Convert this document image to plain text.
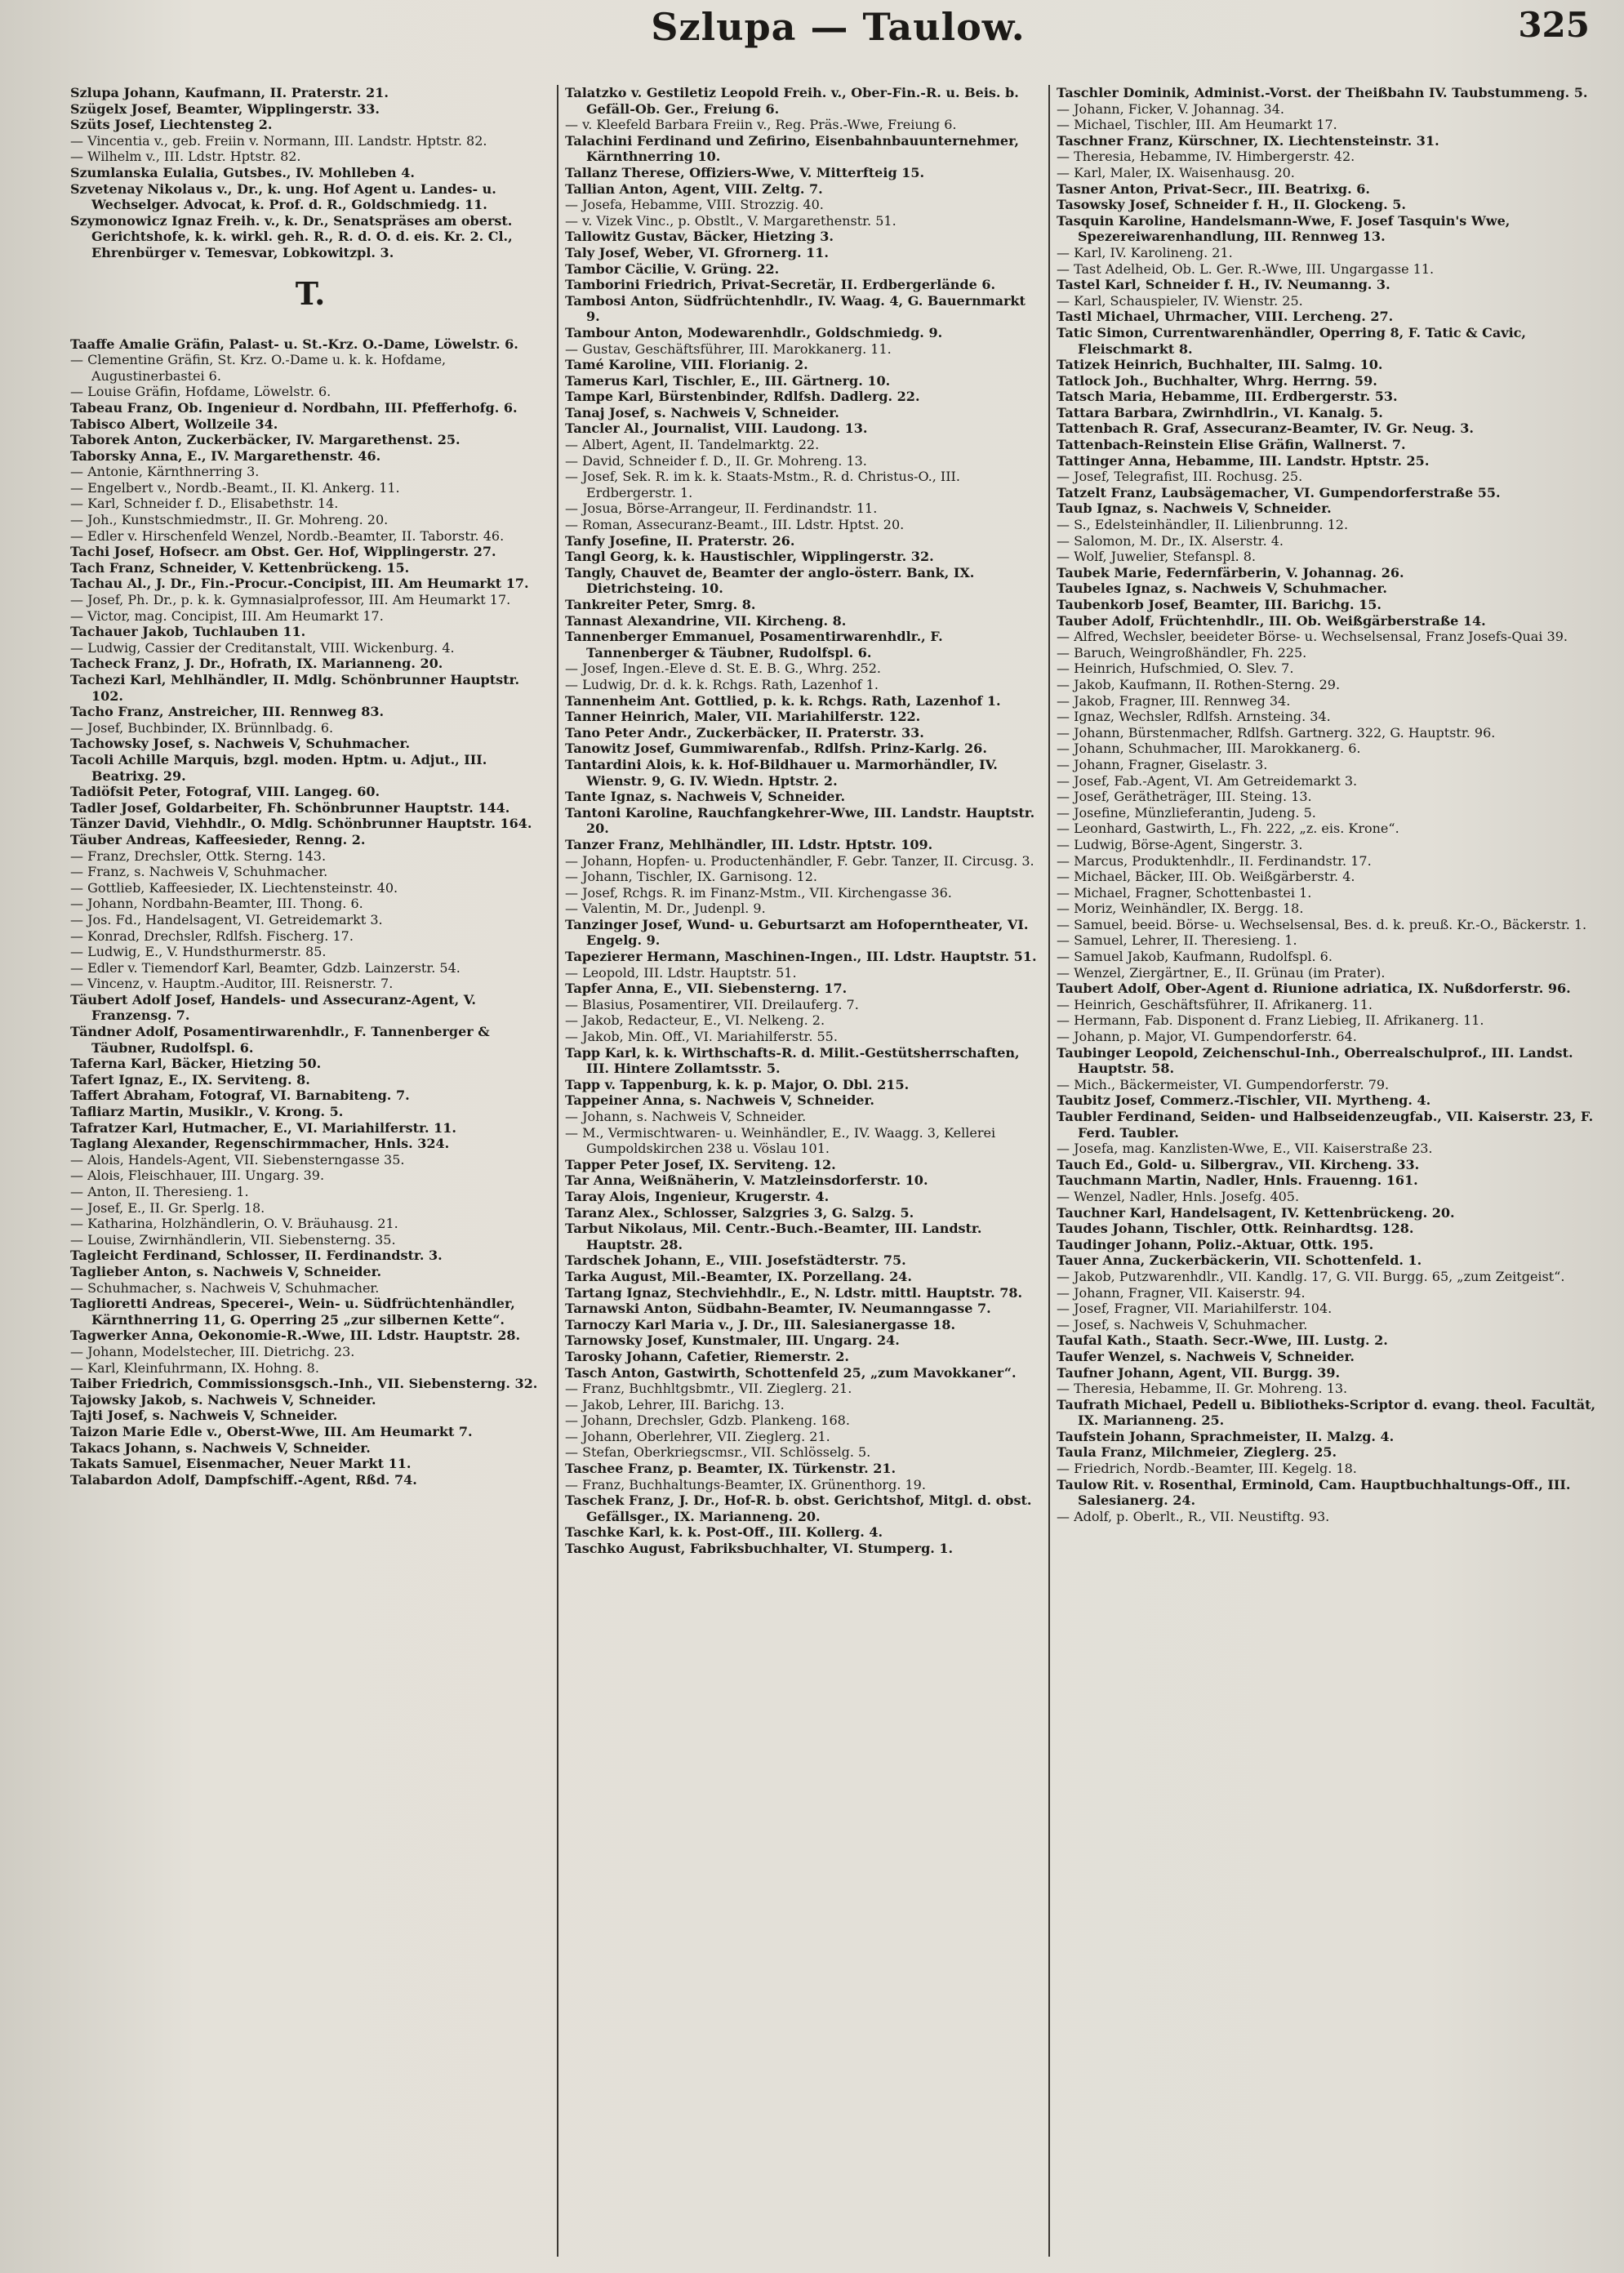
Szlupa — Taulow.	325
Szlupa Johann, Kaufmann, II. Praterstr. 21.
Szügelx Josef, Beamter, Wipplingerstr. 33.
Szüts Josef, Liechtensteg 2.
— Vincentia v., geb. Freiin v. Normann, III. Landstr. Hptstr. 82.
— Wilhelm v., III. Ldstr. Hptstr. 82.
Szumlanska Eulalia, Gutsbes., IV. Mohlleben 4.
Szvetenay Nikolaus v., Dr., k. ung. Hof Agent u. Landes- u. Wechselger. Advocat, k. Prof. d. R., Goldschmiedg. 11.
Szymonowicz Ignaz Freih. v., k. Dr., Senatspräses am oberst. Gerichtshofe, k. k. wirkl. geh. R., R. d. O. d. eis. Kr. 2. Cl., Ehrenbürger v. Temesvar, Lobkowitzpl. 3.
T.
Taaffe Amalie Gräfin, Palast- u. St.-Krz. O.-Dame, Löwelstr. 6.
— Clementine Gräfin, St. Krz. O.-Dame u. k. k. Hofdame, Augustinerbastei 6.
— Louise Gräfin, Hofdame, Löwelstr. 6.
Tabeau Franz, Ob. Ingenieur d. Nordbahn, III. Pfefferhofg. 6.
Tabisco Albert, Wollzeile 34.
Taborek Anton, Zuckerbäcker, IV. Margarethenst. 25.
Taborsky Anna, E., IV. Margarethenstr. 46.
— Antonie, Kärnthnerring 3.
— Engelbert v., Nordb.-Beamt., II. Kl. Ankerg. 11.
— Karl, Schneider f. D., Elisabethstr. 14.
— Joh., Kunstschmiedmstr., II. Gr. Mohreng. 20.
— Edler v. Hirschenfeld Wenzel, Nordb.-Beamter, II. Taborstr. 46.
Tachi Josef, Hofsecr. am Obst. Ger. Hof, Wipplingerstr. 27.
Tach Franz, Schneider, V. Kettenbrückeng. 15.
Tachau Al., J. Dr., Fin.-Procur.-Concipist, III. Am Heumarkt 17.
— Josef, Ph. Dr., p. k. k. Gymnasialprofessor, III. Am Heumarkt 17.
— Victor, mag. Concipist, III. Am Heumarkt 17.
Tachauer Jakob, Tuchlauben 11.
— Ludwig, Cassier der Creditanstalt, VIII. Wickenburg. 4.
Tacheck Franz, J. Dr., Hofrath, IX. Marianneng. 20.
Tachezi Karl, Mehlhändler, II. Mdlg. Schönbrunner Hauptstr. 102.
Tacho Franz, Anstreicher, III. Rennweg 83.
— Josef, Buchbinder, IX. Brünnlbadg. 6.
Tachowsky Josef, s. Nachweis V, Schuhmacher.
Tacoli Achille Marquis, bzgl. moden. Hptm. u. Adjut., III. Beatrixg. 29.
Tadiöfsit Peter, Fotograf, VIII. Langeg. 60.
Tadler Josef, Goldarbeiter, Fh. Schönbrunner Hauptstr. 144.
Tänzer David, Viehhdlr., O. Mdlg. Schönbrunner Hauptstr. 164.
Täuber Andreas, Kaffeesieder, Renng. 2.
— Franz, Drechsler, Ottk. Sterng. 143.
— Franz, s. Nachweis V, Schuhmacher.
— Gottlieb, Kaffeesieder, IX. Liechtensteinstr. 40.
— Johann, Nordbahn-Beamter, III. Thong. 6.
— Jos. Fd., Handelsagent, VI. Getreidemarkt 3.
— Konrad, Drechsler, Rdlfsh. Fischerg. 17.
— Ludwig, E., V. Hundsthurmerstr. 85.
— Edler v. Tiemendorf Karl, Beamter, Gdzb. Lainzerstr. 54.
— Vincenz, v. Hauptm.-Auditor, III. Reisnerstr. 7.
Täubert Adolf Josef, Handels- und Assecuranz-Agent, V. Franzensg. 7.
Tändner Adolf, Posamentirwarenhdlr., F. Tannenberger & Täubner, Rudolfspl. 6.
Taferna Karl, Bäcker, Hietzing 50.
Tafert Ignaz, E., IX. Serviteng. 8.
Taffert Abraham, Fotograf, VI. Barnabiteng. 7.
Tafliarz Martin, Musiklr., V. Krong. 5.
Tafratzer Karl, Hutmacher, E., VI. Mariahilferstr. 11.
Taglang Alexander, Regenschirmmacher, Hnls. 324.
— Alois, Handels-Agent, VII. Siebensterngasse 35.
— Alois, Fleischhauer, III. Ungarg. 39.
— Anton, II. Theresieng. 1.
— Josef, E., II. Gr. Sperlg. 18.
— Katharina, Holzhändlerin, O. V. Bräuhausg. 21.
— Louise, Zwirnhändlerin, VII. Siebensterng. 35.
Tagleicht Ferdinand, Schlosser, II. Ferdinandstr. 3.
Taglieber Anton, s. Nachweis V, Schneider.
— Schuhmacher, s. Nachweis V, Schuhmacher.
Taglioretti Andreas, Specerei-, Wein- u. Südfrüchtenhändler, Kärnthnerring 11, G. Operring 25 „zur silbernen Kette“.
Tagwerker Anna, Oekonomie-R.-Wwe, III. Ldstr. Hauptstr. 28.
— Johann, Modelstecher, III. Dietrichg. 23.
— Karl, Kleinfuhrmann, IX. Hohng. 8.
Taiber Friedrich, Commissionsgsch.-Inh., VII. Siebensterng. 32.
Tajowsky Jakob, s. Nachweis V, Schneider.
Tajti Josef, s. Nachweis V, Schneider.
Taizon Marie Edle v., Oberst-Wwe, III. Am Heumarkt 7.
Takacs Johann, s. Nachweis V, Schneider.
Takats Samuel, Eisenmacher, Neuer Markt 11.
Talabardon Adolf, Dampfschiff.-Agent, Rßd. 74.
Talatzko v. Gestiletiz Leopold Freih. v., Ober-Fin.-R. u. Beis. b. Gefäll-Ob. Ger., Freiung 6.
— v. Kleefeld Barbara Freiin v., Reg. Präs.-Wwe, Freiung 6.
Talachini Ferdinand und Zefirino, Eisenbahnbauunternehmer, Kärnthnerring 10.
Tallanz Therese, Offiziers-Wwe, V. Mitterfteig 15.
Tallian Anton, Agent, VIII. Zeltg. 7.
— Josefa, Hebamme, VIII. Strozzig. 40.
— v. Vizek Vinc., p. Obstlt., V. Margarethenstr. 51.
Tallowitz Gustav, Bäcker, Hietzing 3.
Taly Josef, Weber, VI. Gfrornerg. 11.
Tambor Cäcilie, V. Grüng. 22.
Tamborini Friedrich, Privat-Secretär, II. Erdbergerlände 6.
Tambosi Anton, Südfrüchtenhdlr., IV. Waag. 4, G. Bauernmarkt 9.
Tambour Anton, Modewarenhdlr., Goldschmiedg. 9.
— Gustav, Geschäftsführer, III. Marokkanerg. 11.
Tamé Karoline, VIII. Florianig. 2.
Tamerus Karl, Tischler, E., III. Gärtnerg. 10.
Tampe Karl, Bürstenbinder, Rdlfsh. Dadlerg. 22.
Tanaj Josef, s. Nachweis V, Schneider.
Tancler Al., Journalist, VIII. Laudong. 13.
— Albert, Agent, II. Tandelmarktg. 22.
— David, Schneider f. D., II. Gr. Mohreng. 13.
— Josef, Sek. R. im k. k. Staats-Mstm., R. d. Christus-O., III. Erdbergerstr. 1.
— Josua, Börse-Arrangeur, II. Ferdinandstr. 11.
— Roman, Assecuranz-Beamt., III. Ldstr. Hptst. 20.
Tanfy Josefine, II. Praterstr. 26.
Tangl Georg, k. k. Haustischler, Wipplingerstr. 32.
Tangly, Chauvet de, Beamter der anglo-österr. Bank, IX. Dietrichsteing. 10.
Tankreiter Peter, Smrg. 8.
Tannast Alexandrine, VII. Kircheng. 8.
Tannenberger Emmanuel, Posamentirwarenhdlr., F. Tannenberger & Täubner, Rudolfspl. 6.
— Josef, Ingen.-Eleve d. St. E. B. G., Whrg. 252.
— Ludwig, Dr. d. k. k. Rchgs. Rath, Lazenhof 1.
Tannenheim Ant. Gottlied, p. k. k. Rchgs. Rath, Lazenhof 1.
Tanner Heinrich, Maler, VII. Mariahilferstr. 122.
Tano Peter Andr., Zuckerbäcker, II. Praterstr. 33.
Tanowitz Josef, Gummiwarenfab., Rdlfsh. Prinz-Karlg. 26.
Tantardini Alois, k. k. Hof-Bildhauer u. Marmorhändler, IV. Wienstr. 9, G. IV. Wiedn. Hptstr. 2.
Tante Ignaz, s. Nachweis V, Schneider.
Tantoni Karoline, Rauchfangkehrer-Wwe, III. Landstr. Hauptstr. 20.
Tanzer Franz, Mehlhändler, III. Ldstr. Hptstr. 109.
— Johann, Hopfen- u. Productenhändler, F. Gebr. Tanzer, II. Circusg. 3.
— Johann, Tischler, IX. Garnisong. 12.
— Josef, Rchgs. R. im Finanz-Mstm., VII. Kirchengasse 36.
— Valentin, M. Dr., Judenpl. 9.
Tanzinger Josef, Wund- u. Geburtsarzt am Hofoperntheater, VI. Engelg. 9.
Tapezierer Hermann, Maschinen-Ingen., III. Ldstr. Hauptstr. 51.
— Leopold, III. Ldstr. Hauptstr. 51.
Tapfer Anna, E., VII. Siebensterng. 17.
— Blasius, Posamentirer, VII. Dreilauferg. 7.
— Jakob, Redacteur, E., VI. Nelkeng. 2.
— Jakob, Min. Off., VI. Mariahilferstr. 55.
Tapp Karl, k. k. Wirthschafts-R. d. Milit.-Gestütsherrschaften, III. Hintere Zollamtsstr. 5.
Tapp v. Tappenburg, k. k. p. Major, O. Dbl. 215.
Tappeiner Anna, s. Nachweis V, Schneider.
— Johann, s. Nachweis V, Schneider.
— M., Vermischtwaren- u. Weinhändler, E., IV. Waagg. 3, Kellerei Gumpoldskirchen 238 u. Vöslau 101.
Tapper Peter Josef, IX. Serviteng. 12.
Tar Anna, Weißnäherin, V. Matzleinsdorferstr. 10.
Taray Alois, Ingenieur, Krugerstr. 4.
Taranz Alex., Schlosser, Salzgries 3, G. Salzg. 5.
Tarbut Nikolaus, Mil. Centr.-Buch.-Beamter, III. Landstr. Hauptstr. 28.
Tardschek Johann, E., VIII. Josefstädterstr. 75.
Tarka August, Mil.-Beamter, IX. Porzellang. 24.
Tartang Ignaz, Stechviehhdlr., E., N. Ldstr. mittl. Hauptstr. 78.
Tarnawski Anton, Südbahn-Beamter, IV. Neumanngasse 7.
Tarnoczy Karl Maria v., J. Dr., III. Salesianergasse 18.
Tarnowsky Josef, Kunstmaler, III. Ungarg. 24.
Tarosky Johann, Cafetier, Riemerstr. 2.
Tasch Anton, Gastwirth, Schottenfeld 25, „zum Mavokkaner“.
— Franz, Buchhltgsbmtr., VII. Zieglerg. 21.
— Jakob, Lehrer, III. Barichg. 13.
— Johann, Drechsler, Gdzb. Plankeng. 168.
— Johann, Oberlehrer, VII. Zieglerg. 21.
— Stefan, Oberkriegscmsr., VII. Schlösselg. 5.
Taschee Franz, p. Beamter, IX. Türkenstr. 21.
— Franz, Buchhaltungs-Beamter, IX. Grünenthorg. 19.
Taschek Franz, J. Dr., Hof-R. b. obst. Gerichtshof, Mitgl. d. obst. Gefällsger., IX. Marianneng. 20.
Taschke Karl, k. k. Post-Off., III. Kollerg. 4.
Taschko August, Fabriksbuchhalter, VI. Stumperg. 1.
Taschler Dominik, Administ.-Vorst. der Theißbahn IV. Taubstummeng. 5.
— Johann, Ficker, V. Johannag. 34.
— Michael, Tischler, III. Am Heumarkt 17.
Taschner Franz, Kürschner, IX. Liechtensteinstr. 31.
— Theresia, Hebamme, IV. Himbergerstr. 42.
— Karl, Maler, IX. Waisenhausg. 20.
Tasner Anton, Privat-Secr., III. Beatrixg. 6.
Tasowsky Josef, Schneider f. H., II. Glockeng. 5.
Tasquin Karoline, Handelsmann-Wwe, F. Josef Tasquin's Wwe, Spezereiwarenhandlung, III. Rennweg 13.
— Karl, IV. Karolineng. 21.
— Tast Adelheid, Ob. L. Ger. R.-Wwe, III. Ungargasse 11.
Tastel Karl, Schneider f. H., IV. Neumanng. 3.
— Karl, Schauspieler, IV. Wienstr. 25.
Tastl Michael, Uhrmacher, VIII. Lercheng. 27.
Tatic Simon, Currentwarenhändler, Operring 8, F. Tatic & Cavic, Fleischmarkt 8.
Tatizek Heinrich, Buchhalter, III. Salmg. 10.
Tatlock Joh., Buchhalter, Whrg. Herrng. 59.
Tatsch Maria, Hebamme, III. Erdbergerstr. 53.
Tattara Barbara, Zwirnhdlrin., VI. Kanalg. 5.
Tattenbach R. Graf, Assecuranz-Beamter, IV. Gr. Neug. 3.
Tattenbach-Reinstein Elise Gräfin, Wallnerst. 7.
Tattinger Anna, Hebamme, III. Landstr. Hptstr. 25.
— Josef, Telegrafist, III. Rochusg. 25.
Tatzelt Franz, Laubsägemacher, VI. Gumpendorferstraße 55.
Taub Ignaz, s. Nachweis V, Schneider.
— S., Edelsteinhändler, II. Lilienbrunng. 12.
— Salomon, M. Dr., IX. Alserstr. 4.
— Wolf, Juwelier, Stefanspl. 8.
Taubek Marie, Federnfärberin, V. Johannag. 26.
Taubeles Ignaz, s. Nachweis V, Schuhmacher.
Taubenkorb Josef, Beamter, III. Barichg. 15.
Tauber Adolf, Früchtenhdlr., III. Ob. Weißgärberstraße 14.
— Alfred, Wechsler, beeideter Börse- u. Wechselsensal, Franz Josefs-Quai 39.
— Baruch, Weingroßhändler, Fh. 225.
— Heinrich, Hufschmied, O. Slev. 7.
— Jakob, Kaufmann, II. Rothen-Sterng. 29.
— Jakob, Fragner, III. Rennweg 34.
— Ignaz, Wechsler, Rdlfsh. Arnsteing. 34.
— Johann, Bürstenmacher, Rdlfsh. Gartnerg. 322, G. Hauptstr. 96.
— Johann, Schuhmacher, III. Marokkanerg. 6.
— Johann, Fragner, Giselastr. 3.
— Josef, Fab.-Agent, VI. Am Getreidemarkt 3.
— Josef, Gerätheträger, III. Steing. 13.
— Josefine, Münzlieferantin, Judeng. 5.
— Leonhard, Gastwirth, L., Fh. 222, „z. eis. Krone“.
— Ludwig, Börse-Agent, Singerstr. 3.
— Marcus, Produktenhdlr., II. Ferdinandstr. 17.
— Michael, Bäcker, III. Ob. Weißgärberstr. 4.
— Michael, Fragner, Schottenbastei 1.
— Moriz, Weinhändler, IX. Bergg. 18.
— Samuel, beeid. Börse- u. Wechselsensal, Bes. d. k. preuß. Kr.-O., Bäckerstr. 1.
— Samuel, Lehrer, II. Theresieng. 1.
— Samuel Jakob, Kaufmann, Rudolfspl. 6.
— Wenzel, Ziergärtner, E., II. Grünau (im Prater).
Taubert Adolf, Ober-Agent d. Riunione adriatica, IX. Nußdorferstr. 96.
— Heinrich, Geschäftsführer, II. Afrikanerg. 11.
— Hermann, Fab. Disponent d. Franz Liebieg, II. Afrikanerg. 11.
— Johann, p. Major, VI. Gumpendorferstr. 64.
Taubinger Leopold, Zeichenschul-Inh., Oberrealschulprof., III. Landst. Hauptstr. 58.
— Mich., Bäckermeister, VI. Gumpendorferstr. 79.
Taubitz Josef, Commerz.-Tischler, VII. Myrtheng. 4.
Taubler Ferdinand, Seiden- und Halbseidenzeugfab., VII. Kaiserstr. 23, F. Ferd. Taubler.
— Josefa, mag. Kanzlisten-Wwe, E., VII. Kaiserstraße 23.
Tauch Ed., Gold- u. Silbergrav., VII. Kircheng. 33.
Tauchmann Martin, Nadler, Hnls. Frauenng. 161.
— Wenzel, Nadler, Hnls. Josefg. 405.
Tauchner Karl, Handelsagent, IV. Kettenbrückeng. 20.
Taudes Johann, Tischler, Ottk. Reinhardtsg. 128.
Taudinger Johann, Poliz.-Aktuar, Ottk. 195.
Tauer Anna, Zuckerbäckerin, VII. Schottenfeld. 1.
— Jakob, Putzwarenhdlr., VII. Kandlg. 17, G. VII. Burgg. 65, „zum Zeitgeist“.
— Johann, Fragner, VII. Kaiserstr. 94.
— Josef, Fragner, VII. Mariahilferstr. 104.
— Josef, s. Nachweis V, Schuhmacher.
Taufal Kath., Staath. Secr.-Wwe, III. Lustg. 2.
Taufer Wenzel, s. Nachweis V, Schneider.
Taufner Johann, Agent, VII. Burgg. 39.
— Theresia, Hebamme, II. Gr. Mohreng. 13.
Taufrath Michael, Pedell u. Bibliotheks-Scriptor d. evang. theol. Facultät, IX. Marianneng. 25.
Taufstein Johann, Sprachmeister, II. Malzg. 4.
Taula Franz, Milchmeier, Zieglerg. 25.
— Friedrich, Nordb.-Beamter, III. Kegelg. 18.
Taulow Rit. v. Rosenthal, Erminold, Cam. Hauptbuchhaltungs-Off., III. Salesianerg. 24.
— Adolf, p. Oberlt., R., VII. Neustiftg. 93.
